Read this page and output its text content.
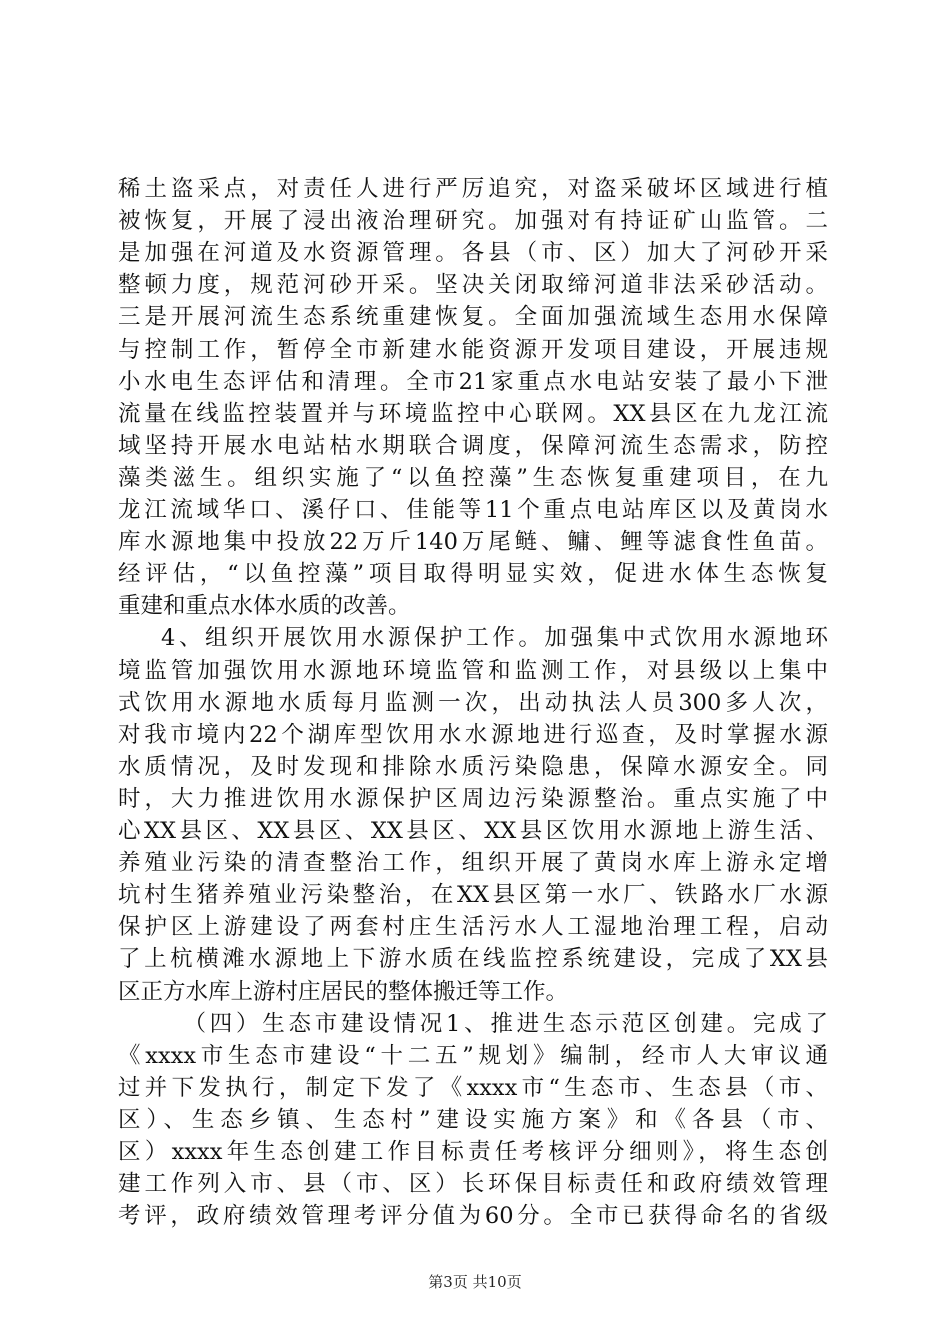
稀土盗采点，对责任人进行严厉追究，对盗采破坏区域进行植
被恢复，开展了浸出液治理研究。加强对有持证矿山监管。二
是加强在河道及水资源管理。各县（市、区）加大了河砂开采
整顿力度，规范河砂开采。坚决关闭取缔河道非法采砂活动。
三是开展河流生态系统重建恢复。全面加强流域生态用水保障
与控制工作，暂停全市新建水能资源开发项目建设，开展违规
小水电生态评估和清理。全市21家重点水电站安装了最小下泄
流量在线监控装置并与环境监控中心联网。XX县区在九龙江流
域坚持开展水电站枯水期联合调度，保障河流生态需求，防控
藻类滋生。组织实施了“以鱼控藻”生态恢复重建项目，在九
龙江流域华口、溪仔口、佳能等11个重点电站库区以及黄岗水
库水源地集中投放22万斤140万尾鲢、鳙、鲤等滤食性鱼苗。
经评估，“以鱼控藻”项目取得明显实效，促进水体生态恢复
重建和重点水体水质的改善。
4、组织开展饮用水源保护工作。加强集中式饮用水源地环
境监管加强饮用水源地环境监管和监测工作，对县级以上集中
式饮用水源地水质每月监测一次，出动执法人员300多人次，
对我市境内22个湖库型饮用水水源地进行巡查，及时掌握水源
水质情况，及时发现和排除水质污染隐患，保障水源安全。同
时，大力推进饮用水源保护区周边污染源整治。重点实施了中
心XX县区、XX县区、XX县区、XX县区饮用水源地上游生活、
养殖业污染的清查整治工作，组织开展了黄岗水库上游永定增
坑村生猪养殖业污染整治，在XX县区第一水厂、铁路水厂水源
保护区上游建设了两套村庄生活污水人工湿地治理工程，启动
了上杭横滩水源地上下游水质在线监控系统建设，完成了XX县
区正方水库上游村庄居民的整体搬迁等工作。
（四）生态市建设情况1、推进生态示范区创建。完成了
《xxxx市生态市建设“十二五”规划》编制，经市人大审议通
过并下发执行，制定下发了《xxxx市“生态市、生态县（市、
区）、生态乡镇、生态村”建设实施方案》和《各县（市、
区）xxxx年生态创建工作目标责任考核评分细则》，将生态创
建工作列入市、县（市、区）长环保目标责任和政府绩效管理
考评，政府绩效管理考评分值为60分。全市已获得命名的省级
第3页 共10页
